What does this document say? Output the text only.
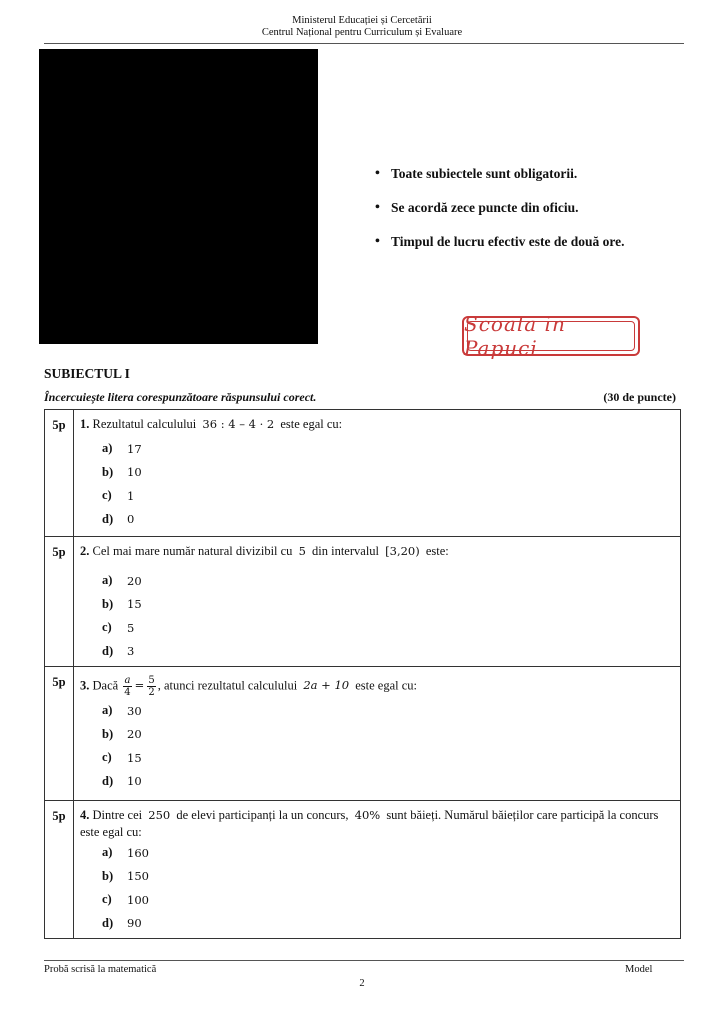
Ministerul Educației și Cercetării
Centrul Național pentru Curriculum și Evaluare
• Toate subiectele sunt obligatorii.
• Se acordă zece puncte din oficiu.
• Timpul de lucru efectiv este de două ore.
Scoala in Papuci
SUBIECTUL I
Încercuiește litera corespunzătoare răspunsului corect.	(30 de puncte)
5p	1. Rezultatul calculului 36 : 4 – 4 · 2 este egal cu:
a)	17
b)	10
c)	1
d)	0
5p	2. Cel mai mare număr natural divizibil cu 5 din intervalul [3,20) este:
a)	20
b)	15
c)	5
d)	3
5p	3. Dacă $\frac{a}{4} = \frac{5}{2}$ , atunci rezultatul calculului 2a + 10 este egal cu:
a)	30
b)	20
c)	15
d)	10
5p	4. Dintre cei 250 de elevi participanți la un concurs, 40% sunt băieți. Numărul băieților care participă la concurs este egal cu:
a)	160
b)	150
c)	100
d)	90
Probă scrisă la matematică	Model
2
